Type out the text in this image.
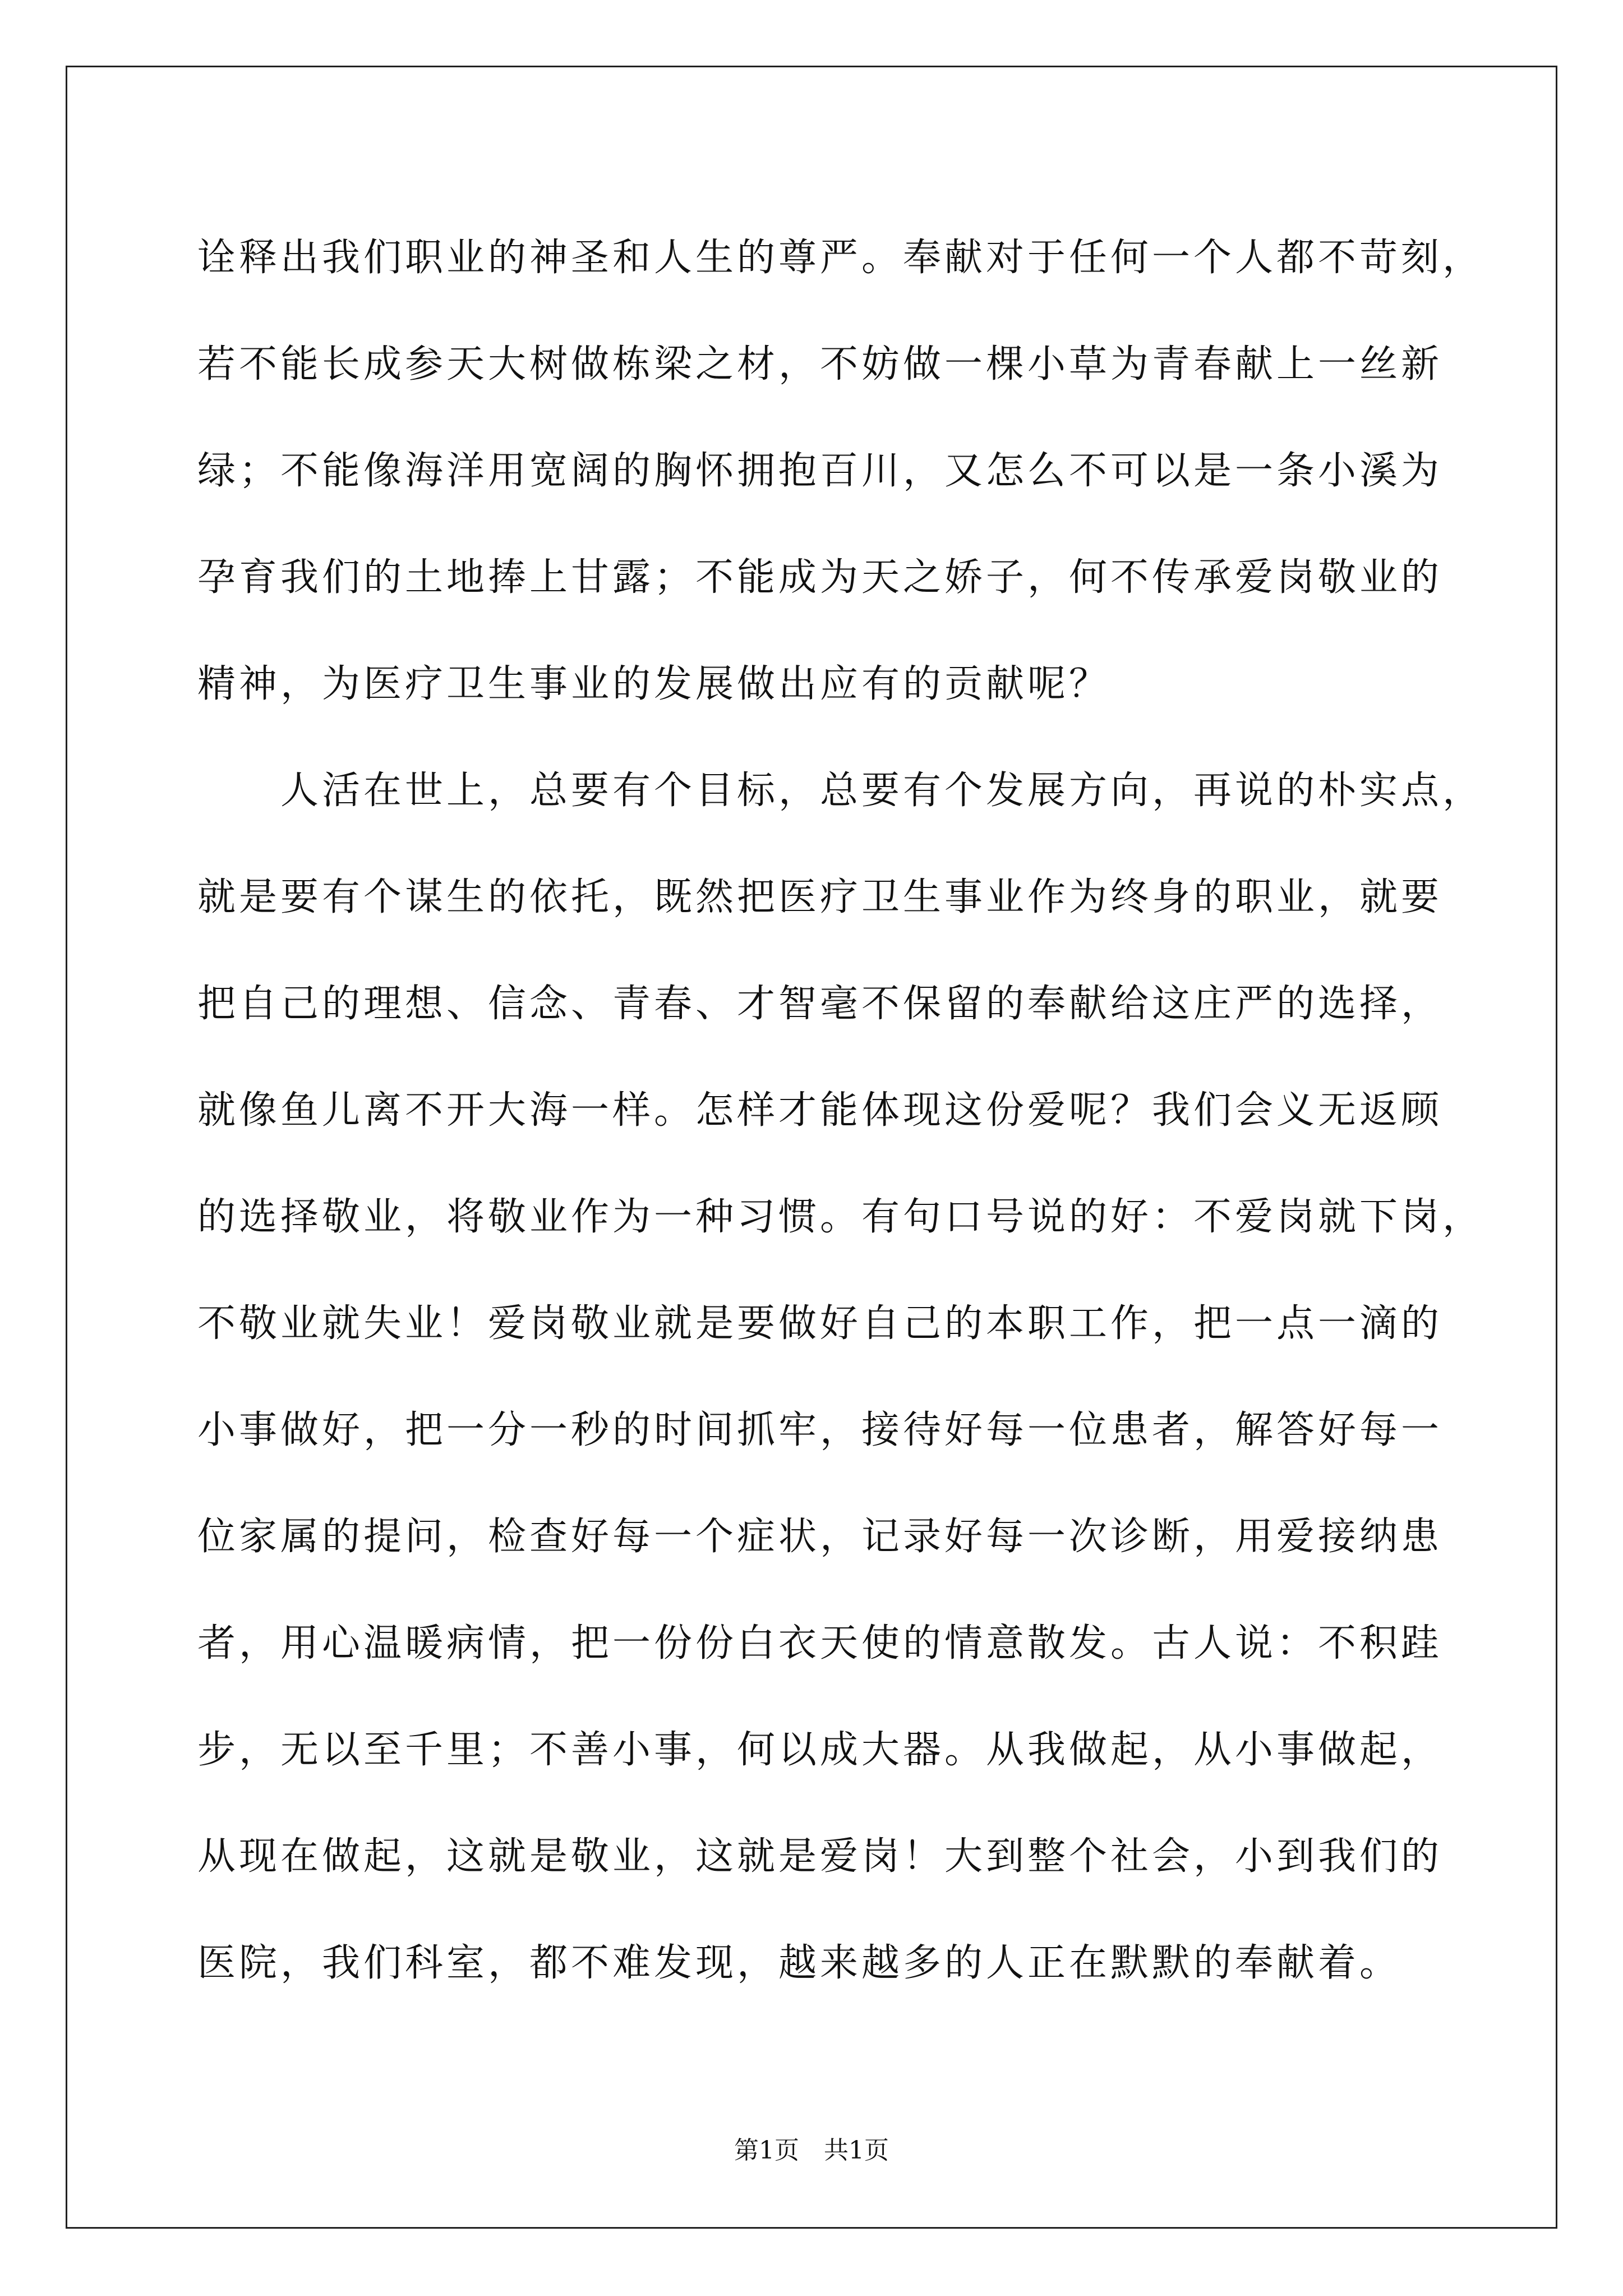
诠释出我们职业的神圣和人生的尊严。奉献对于任何一个人都不苛刻，
若不能长成参天大树做栋梁之材，不妨做一棵小草为青春献上一丝新
绿；不能像海洋用宽阔的胸怀拥抱百川，又怎么不可以是一条小溪为
孕育我们的土地捧上甘露；不能成为天之娇子，何不传承爱岗敬业的
精神，为医疗卫生事业的发展做出应有的贡献呢？
人活在世上，总要有个目标，总要有个发展方向，再说的朴实点，
就是要有个谋生的依托，既然把医疗卫生事业作为终身的职业，就要
把自己的理想、信念、青春、才智毫不保留的奉献给这庄严的选择，
就像鱼儿离不开大海一样。怎样才能体现这份爱呢？我们会义无返顾
的选择敬业，将敬业作为一种习惯。有句口号说的好：不爱岗就下岗，
不敬业就失业！爱岗敬业就是要做好自己的本职工作，把一点一滴的
小事做好，把一分一秒的时间抓牢，接待好每一位患者，解答好每一
位家属的提问，检查好每一个症状，记录好每一次诊断，用爱接纳患
者，用心温暖病情，把一份份白衣天使的情意散发。古人说：不积跬
步，无以至千里；不善小事，何以成大器。从我做起，从小事做起，
从现在做起，这就是敬业，这就是爱岗！大到整个社会，小到我们的
医院，我们科室，都不难发现，越来越多的人正在默默的奉献着。
第1页 共1页
